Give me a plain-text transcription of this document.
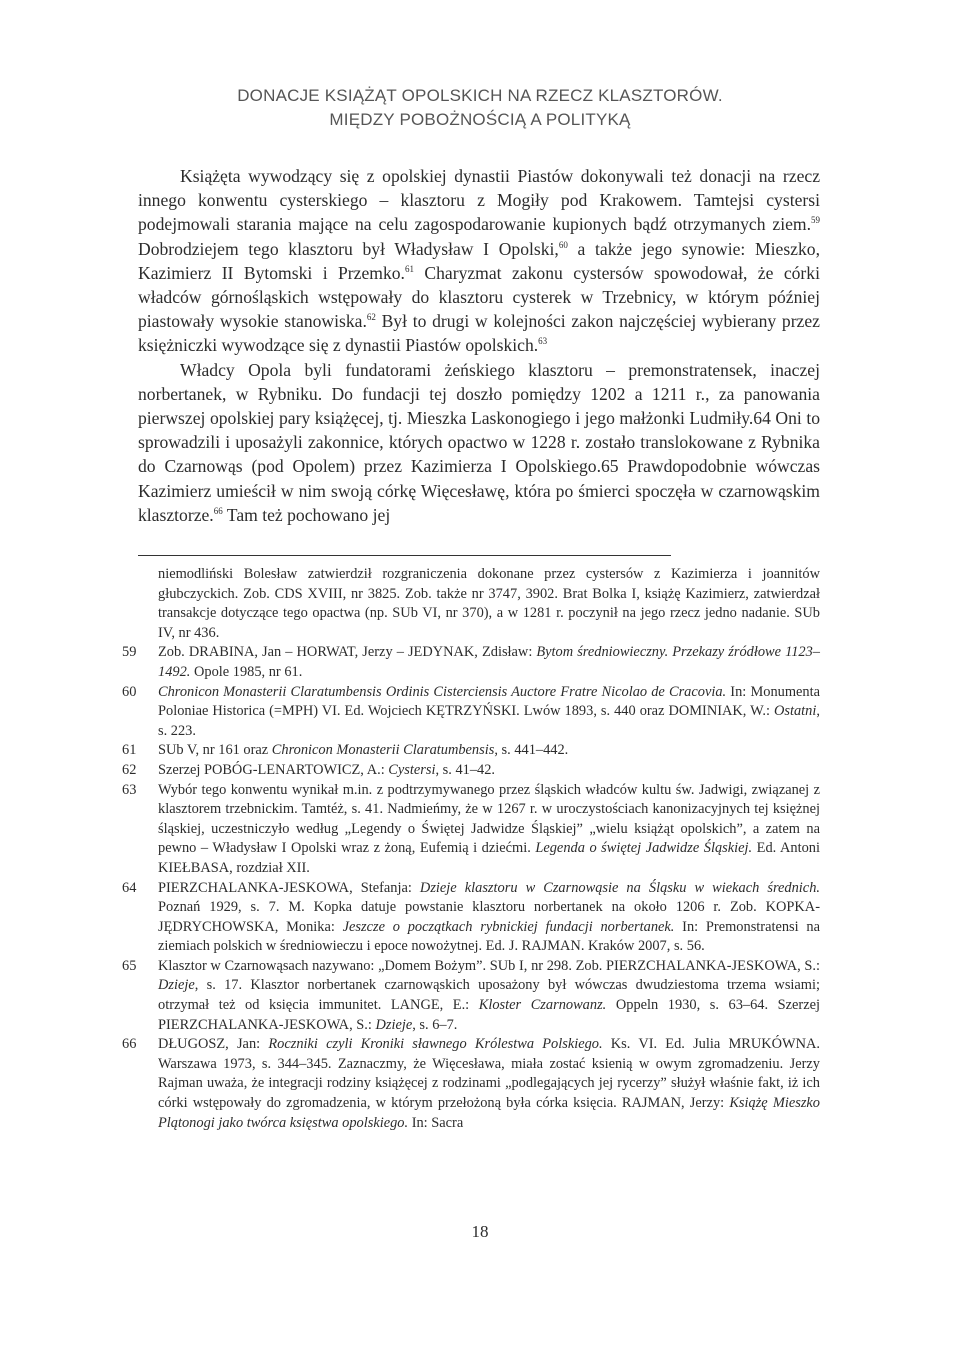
DONACJE KSIĄŻĄT OPOLSKICH NA RZECZ KLASZTORÓW.
MIĘDZY POBOŻNOŚCIĄ A POLITYKĄ

Książęta wywodzący się z opolskiej dynastii Piastów dokonywali też donacji na rzecz innego konwentu cysterskiego – klasztoru z Mogiły pod Krakowem. Tamtejsi cystersi podejmowali starania mające na celu zagospodarowanie kupionych bądź otrzymanych ziem.$^{59}$ Dobrodziejem tego klasztoru był Władysław I Opolski,$^{60}$ a także jego synowie: Mieszko, Kazimierz II Bytomski i Przemko.$^{61}$ Charyzmat zakonu cystersów spowodował, że córki władców górnośląskich wstępowały do klasztoru cysterek w Trzebnicy, w którym później piastowały wysokie stanowiska.$^{62}$ Był to drugi w kolejności zakon najczęściej wybierany przez księżniczki wywodzące się z dynastii Piastów opolskich.$^{63}$

Władcy Opola byli fundatorami żeńskiego klasztoru – premonstratensek, inaczej norbertanek, w Rybniku. Do fundacji tej doszło pomiędzy 1202 a 1211 r., za panowania pierwszej opolskiej pary książęcej, tj. Mieszka Laskonogiego i jego małżonki Ludmiły.64 Oni to sprowadzili i uposażyli zakonnice, których opactwo w 1228 r. zostało translokowane z Rybnika do Czarnowąs (pod Opolem) przez Kazimierza I Opolskiego.65 Prawdopodobnie wówczas Kazimierz umieścił w nim swoją córkę Więcesławę, która po śmierci spoczęła w czarnowąskim klasztorze.$^{66}$ Tam też pochowano jej

niemodliński Bolesław zatwierdził rozgraniczenia dokonane przez cystersów z Kazimierza i joannitów głubczyckich. Zob. CDS XVIII, nr 3825. Zob. także nr 3747, 3902. Brat Bolka I, książę Kazimierz, zatwierdzał transakcje dotyczące tego opactwa (np. SUb VI, nr 370), a w 1281 r. poczynił na jego rzecz jedno nadanie. SUb IV, nr 436.
59 Zob. DRABINA, Jan – HORWAT, Jerzy – JEDYNAK, Zdisław: Bytom średniowieczny. Przekazy źródłowe 1123–1492. Opole 1985, nr 61.
60 Chronicon Monasterii Claratumbensis Ordinis Cisterciensis Auctore Fratre Nicolao de Cracovia. In: Monumenta Poloniae Historica (=MPH) VI. Ed. Wojciech KĘTRZYŃSKI. Lwów 1893, s. 440 oraz DOMINIAK, W.: Ostatni, s. 223.
61 SUb V, nr 161 oraz Chronicon Monasterii Claratumbensis, s. 441–442.
62 Szerzej POBÓG-LENARTOWICZ, A.: Cystersi, s. 41–42.
63 Wybór tego konwentu wynikał m.in. z podtrzymywanego przez śląskich władców kultu św. Jadwigi, związanej z klasztorem trzebnickim. Tamtéż, s. 41. Nadmieńmy, że w 1267 r. w uroczystościach kanonizacyjnych tej księżnej śląskiej, uczestniczyło według „Legendy o Świętej Jadwidze Śląskiej” „wielu książąt opolskich”, a zatem na pewno – Władysław I Opolski wraz z żoną, Eufemią i dziećmi. Legenda o świętej Jadwidze Śląskiej. Ed. Antoni KIEŁBASA, rozdział XII.
64 PIERZCHALANKA-JESKOWA, Stefanja: Dzieje klasztoru w Czarnowąsie na Śląsku w wiekach średnich. Poznań 1929, s. 7. M. Kopka datuje powstanie klasztoru norbertanek na około 1206 r. Zob. KOPKA-JĘDRYCHOWSKA, Monika: Jeszcze o początkach rybnickiej fundacji norbertanek. In: Premonstratensi na ziemiach polskich w średniowieczu i epoce nowożytnej. Ed. J. RAJMAN. Kraków 2007, s. 56.
65 Klasztor w Czarnowąsach nazywano: „Domem Bożym”. SUb I, nr 298. Zob. PIERZCHALANKA-JESKOWA, S.: Dzieje, s. 17. Klasztor norbertanek czarnowąskich uposażony był wówczas dwudziestoma trzema wsiami; otrzymał też od księcia immunitet. LANGE, E.: Kloster Czarnowanz. Oppeln 1930, s. 63–64. Szerzej PIERZCHALANKA-JESKOWA, S.: Dzieje, s. 6–7.
66 DŁUGOSZ, Jan: Roczniki czyli Kroniki sławnego Królestwa Polskiego. Ks. VI. Ed. Julia MRUKÓWNA. Warszawa 1973, s. 344–345. Zaznaczmy, że Więcesława, miała zostać ksienią w owym zgromadzeniu. Jerzy Rajman uważa, że integracji rodziny książęcej z rodzinami „podlegających jej rycerzy” służył właśnie fakt, iż ich córki wstępowały do zgromadzenia, w którym przełożoną była córka księcia. RAJMAN, Jerzy: Książę Mieszko Plątonogi jako twórca księstwa opolskiego. In: Sacra
18
